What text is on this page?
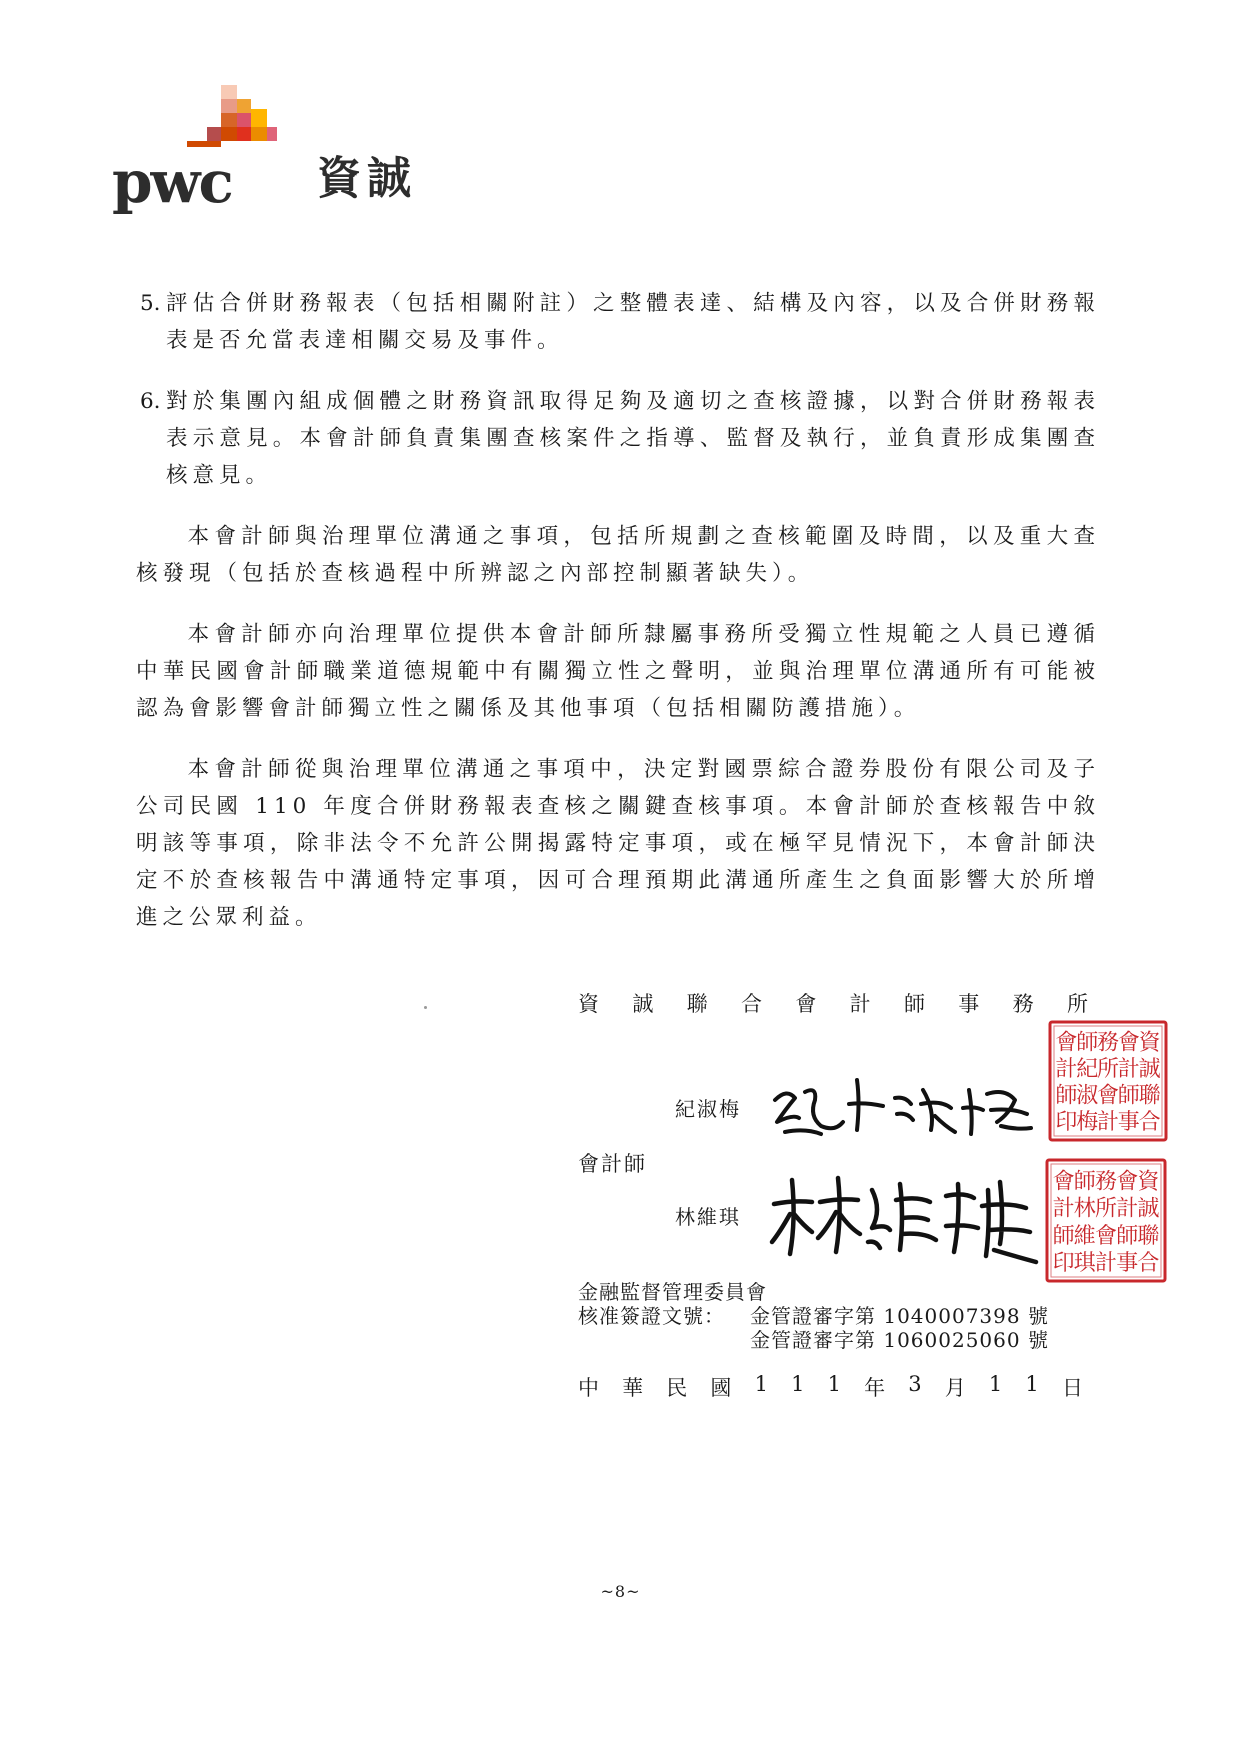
pwc 資誠
5. 評估合併財務報表（包括相關附註）之整體表達、結構及內容，以及合併財務報表是否允當表達相關交易及事件。
6. 對於集團內組成個體之財務資訊取得足夠及適切之查核證據，以對合併財務報表表示意見。本會計師負責集團查核案件之指導、監督及執行，並負責形成集團查核意見。
本會計師與治理單位溝通之事項，包括所規劃之查核範圍及時間，以及重大查核發現（包括於查核過程中所辨認之內部控制顯著缺失）。
本會計師亦向治理單位提供本會計師所隸屬事務所受獨立性規範之人員已遵循中華民國會計師職業道德規範中有關獨立性之聲明，並與治理單位溝通所有可能被認為會影響會計師獨立性之關係及其他事項（包括相關防護措施）。
本會計師從與治理單位溝通之事項中，決定對國票綜合證券股份有限公司及子公司民國 110 年度合併財務報表查核之關鍵查核事項。本會計師於查核報告中敘明該等事項，除非法令不允許公開揭露特定事項，或在極罕見情況下，本會計師決定不於查核報告中溝通特定事項，因可合理預期此溝通所產生之負面影響大於所增進之公眾利益。
資 誠 聯 合 會 計 師 事 務 所
資
誠
聯
合
會
計
師
事
務
所
會
計
師
紀
淑
梅
會
計
師
印
紀淑梅
會計師
資
誠
聯
合
會
計
師
事
務
所
會
計
師
林
維
琪
會
計
師
印
林維琪
金融監督管理委員會
核准簽證文號：	金管證審字第 1040007398 號
金管證審字第 1060025060 號
中 華 民 國 1 1 1 年 3 月 1 1 日
~8~
